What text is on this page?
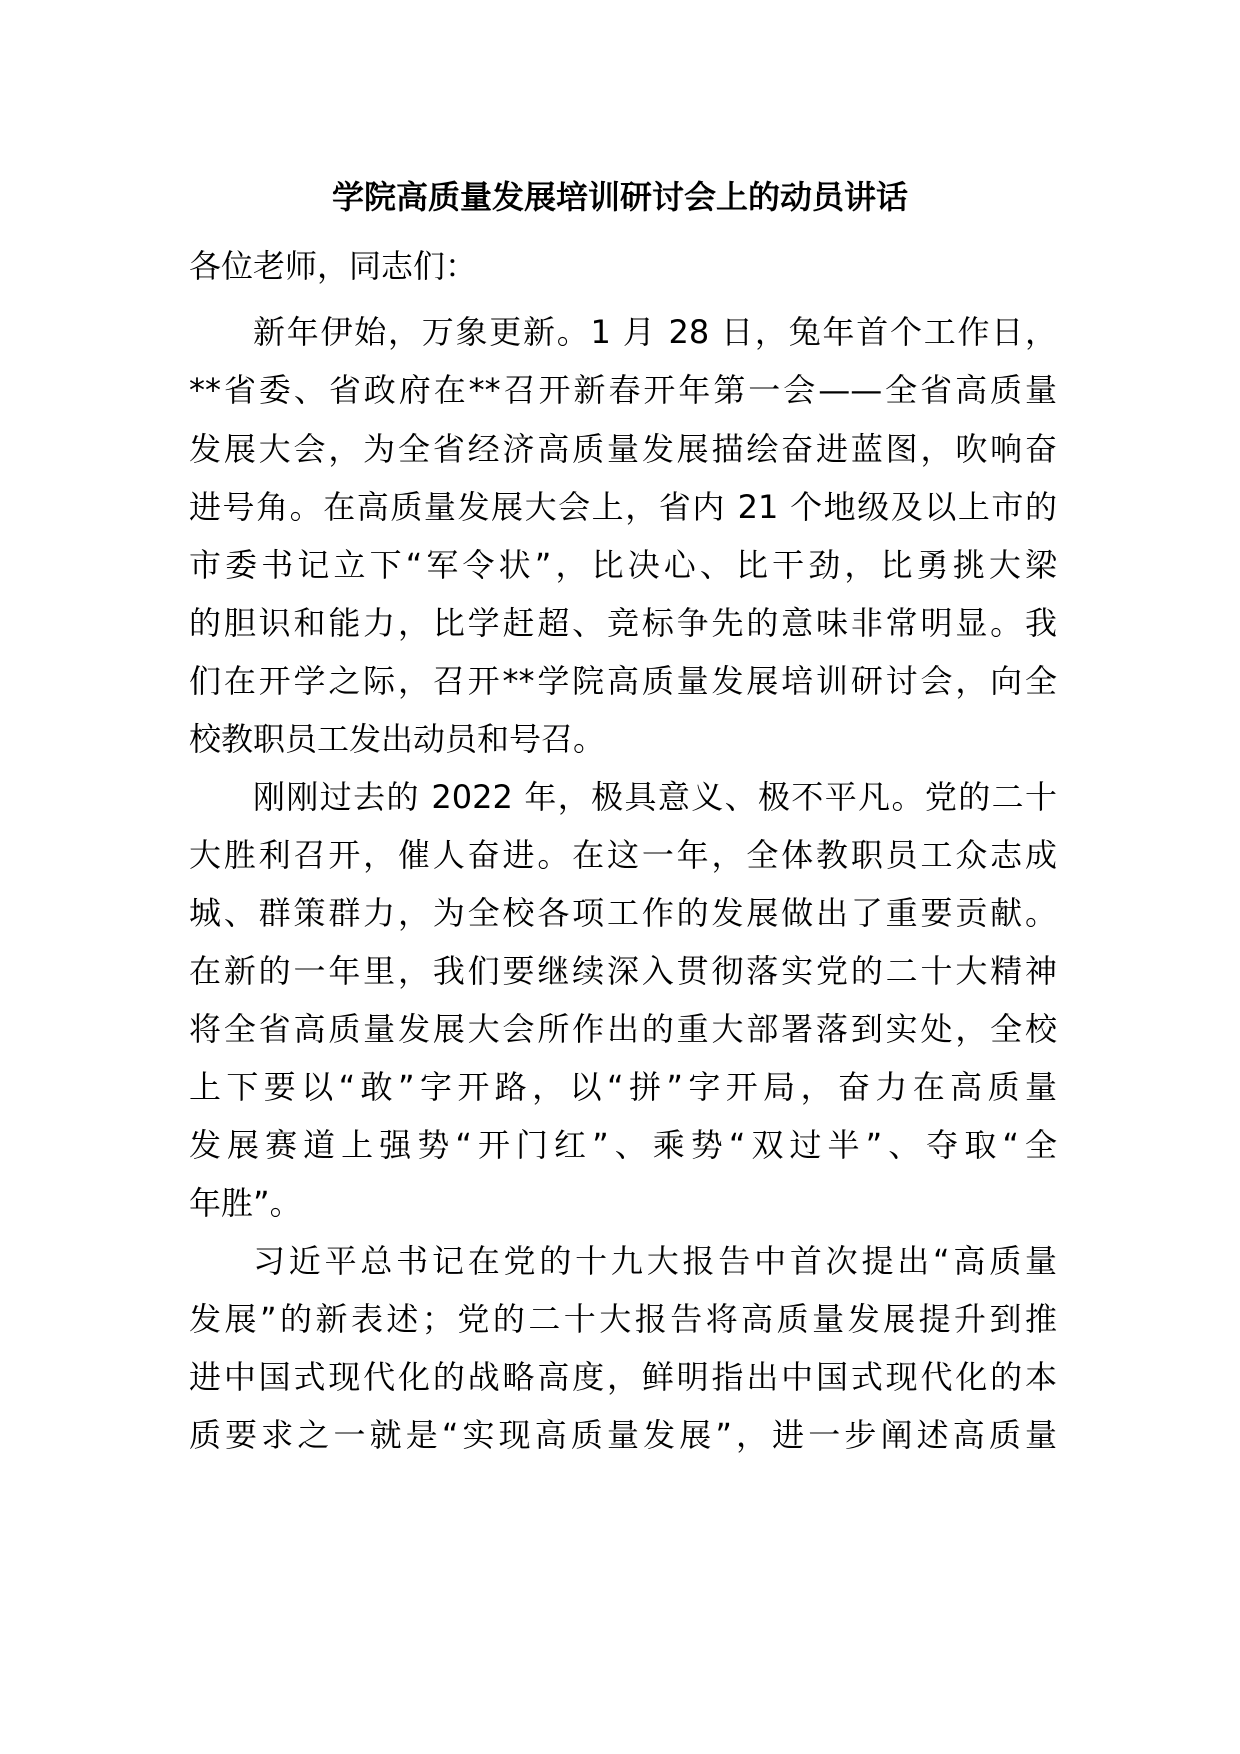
学院高质量发展培训研讨会上的动员讲话

各位老师，同志们：

新年伊始，万象更新。1 月 28 日，兔年首个工作日，

**省委、省政府在**召开新春开年第一会——全省高质量

发展大会，为全省经济高质量发展描绘奋进蓝图，吹响奋

进号角。在高质量发展大会上，省内 21 个地级及以上市的

市委书记立下“军令状”，比决心、比干劲，比勇挑大梁

的胆识和能力，比学赶超、竞标争先的意味非常明显。我

们在开学之际，召开**学院高质量发展培训研讨会，向全

校教职员工发出动员和号召。

刚刚过去的 2022 年，极具意义、极不平凡。党的二十

大胜利召开，催人奋进。在这一年，全体教职员工众志成

城、群策群力，为全校各项工作的发展做出了重要贡献。

在新的一年里，我们要继续深入贯彻落实党的二十大精神

将全省高质量发展大会所作出的重大部署落到实处，全校

上下要以“敢”字开路，以“拼”字开局，奋力在高质量

发展赛道上强势“开门红”、乘势“双过半”、夺取“全

年胜”。

习近平总书记在党的十九大报告中首次提出“高质量

发展”的新表述；党的二十大报告将高质量发展提升到推

进中国式现代化的战略高度，鲜明指出中国式现代化的本

质要求之一就是“实现高质量发展”，进一步阐述高质量
